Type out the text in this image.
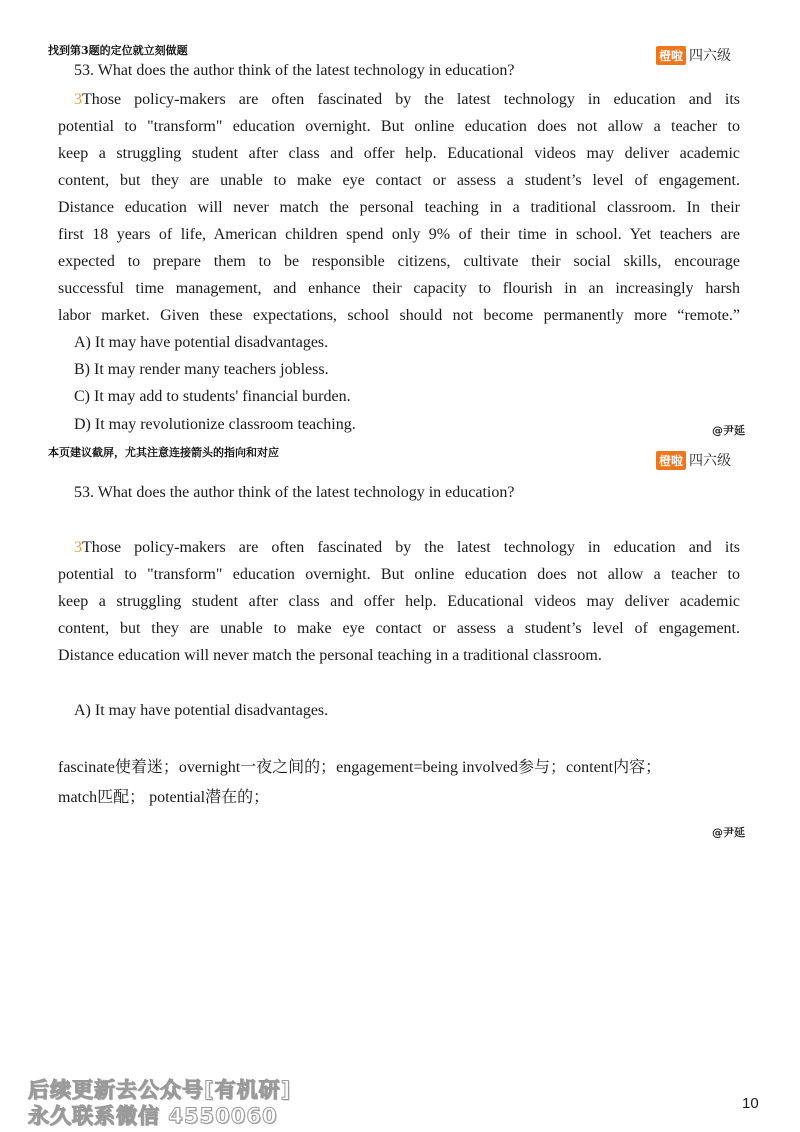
找到第3题的定位就立刻做题	橙啦 四六级
53. What does the author think of the latest technology in education?
3Those policy-makers are often fascinated by the latest technology in education and its
potential to "transform" education overnight. But online education does not allow a teacher to
keep a struggling student after class and offer help. Educational videos may deliver academic
content, but they are unable to make eye contact or assess a student’s level of engagement.
Distance education will never match the personal teaching in a traditional classroom. In their
first 18 years of life, American children spend only 9% of their time in school. Yet teachers are
expected to prepare them to be responsible citizens, cultivate their social skills, encourage
successful time management, and enhance their capacity to flourish in an increasingly harsh
labor market. Given these expectations, school should not become permanently more “remote.”
A) It may have potential disadvantages.
B) It may render many teachers jobless.
C) It may add to students' financial burden.
D) It may revolutionize classroom teaching.	@尹延
本页建议截屏，尤其注意连接箭头的指向和对应
橙啦 四六级
53. What does the author think of the latest technology in education?
3Those policy-makers are often fascinated by the latest technology in education and its
potential to "transform" education overnight. But online education does not allow a teacher to
keep a struggling student after class and offer help. Educational videos may deliver academic
content, but they are unable to make eye contact or assess a student’s level of engagement.
Distance education will never match the personal teaching in a traditional classroom.
A) It may have potential disadvantages.
fascinate使着迷；overnight一夜之间的；engagement=being involved参与；content内容；
match匹配； potential潜在的；
@尹延
后续更新去公众号[有机研]
永久联系微信 4550060
10
